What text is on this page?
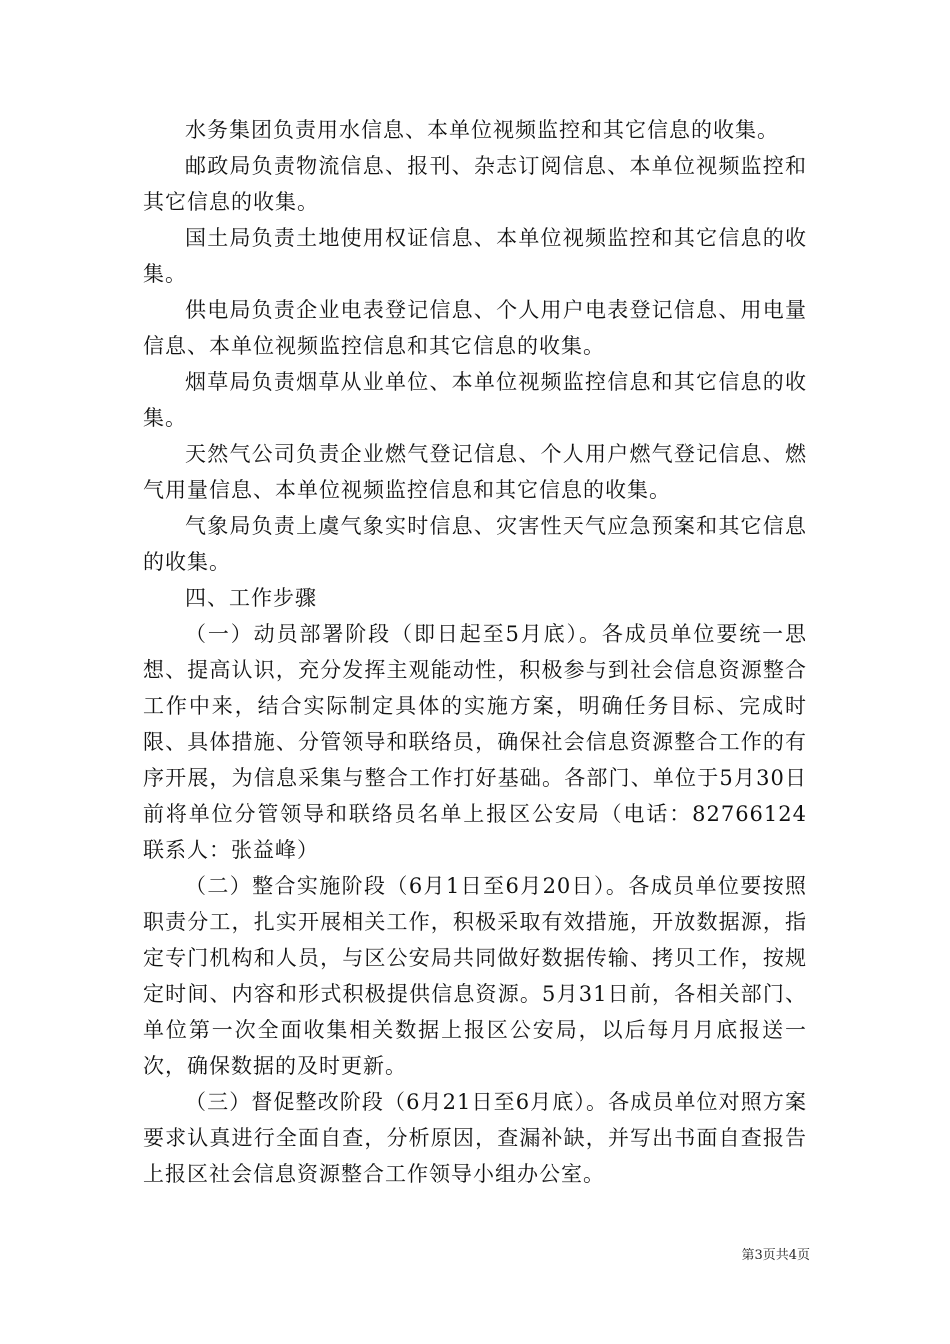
水务集团负责用水信息、本单位视频监控和其它信息的收集。

邮政局负责物流信息、报刊、杂志订阅信息、本单位视频监控和其它信息的收集。

国土局负责土地使用权证信息、本单位视频监控和其它信息的收集。

供电局负责企业电表登记信息、个人用户电表登记信息、用电量信息、本单位视频监控信息和其它信息的收集。

烟草局负责烟草从业单位、本单位视频监控信息和其它信息的收集。

天然气公司负责企业燃气登记信息、个人用户燃气登记信息、燃气用量信息、本单位视频监控信息和其它信息的收集。

气象局负责上虞气象实时信息、灾害性天气应急预案和其它信息的收集。

四、工作步骤

（一）动员部署阶段（即日起至5月底）。各成员单位要统一思想、提高认识，充分发挥主观能动性，积极参与到社会信息资源整合工作中来，结合实际制定具体的实施方案，明确任务目标、完成时限、具体措施、分管领导和联络员，确保社会信息资源整合工作的有序开展，为信息采集与整合工作打好基础。各部门、单位于5月30日前将单位分管领导和联络员名单上报区公安局（电话：82766124联系人：张益峰）

（二）整合实施阶段（6月1日至6月20日）。各成员单位要按照职责分工，扎实开展相关工作，积极采取有效措施，开放数据源，指定专门机构和人员，与区公安局共同做好数据传输、拷贝工作，按规定时间、内容和形式积极提供信息资源。5月31日前，各相关部门、单位第一次全面收集相关数据上报区公安局，以后每月月底报送一次，确保数据的及时更新。

（三）督促整改阶段（6月21日至6月底）。各成员单位对照方案要求认真进行全面自查，分析原因，查漏补缺，并写出书面自查报告上报区社会信息资源整合工作领导小组办公室。

第3页共4页
